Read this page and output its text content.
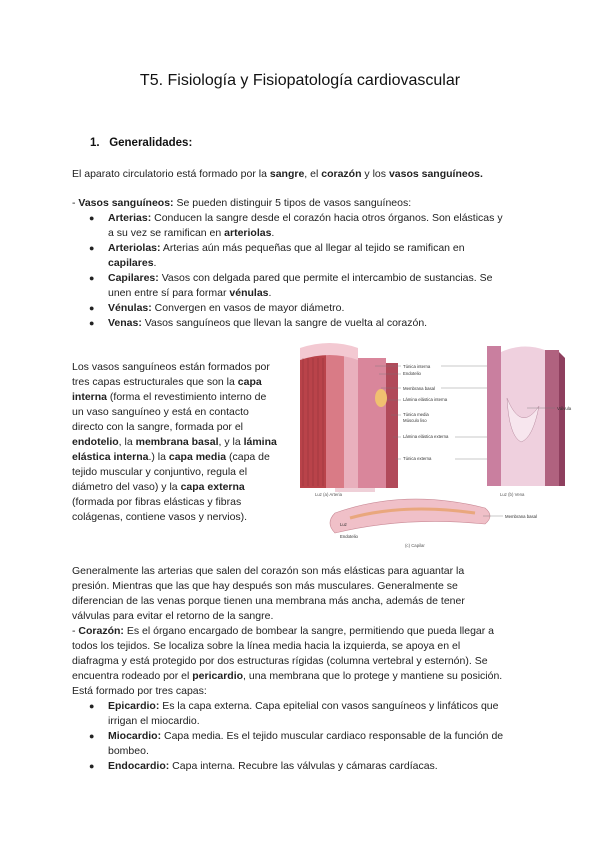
T5. Fisiología y Fisiopatología cardiovascular
1. Generalidades:
El aparato circulatorio está formado por la sangre, el corazón y los vasos sanguíneos.
- Vasos sanguíneos: Se pueden distinguir 5 tipos de vasos sanguíneos:
● Arterias: Conducen la sangre desde el corazón hacia otros órganos. Son elásticas y
a su vez se ramifican en arteriolas.
● Arteriolas: Arterias aún más pequeñas que al llegar al tejido se ramifican en
capilares.
● Capilares: Vasos con delgada pared que permite el intercambio de sustancias. Se
unen entre sí para formar vénulas.
● Vénulas: Convergen en vasos de mayor diámetro.
● Venas: Vasos sanguíneos que llevan la sangre de vuelta al corazón.
Los vasos sanguíneos están formados por
tres capas estructurales que son la capa
interna (forma el revestimiento interno de
un vaso sanguíneo y está en contacto
directo con la sangre, formada por el
endotelio, la membrana basal, y la lámina
elástica interna.) la capa media (capa de
tejido muscular y conjuntivo, regula el
diámetro del vaso) y la capa externa
(formada por fibras elásticas y fibras
colágenas, contiene vasos y nervios).
Túnica interna
Endotelio
Membrana basal
Lámina elástica interna
Túnica media
Músculo liso
Lámina elástica externa
Túnica externa
Válvula
Luz (a) Arteria	Luz (b) Vena
Luz
Membrana basal
Endotelio
(c) Capilar
Generalmente las arterias que salen del corazón son más elásticas para aguantar la
presión. Mientras que las que hay después son más musculares. Generalmente se
diferencian de las venas porque tienen una membrana más ancha, además de tener
válvulas para evitar el retorno de la sangre.
- Corazón: Es el órgano encargado de bombear la sangre, permitiendo que pueda llegar a
todos los tejidos. Se localiza sobre la línea media hacia la izquierda, se apoya en el
diafragma y está protegido por dos estructuras rígidas (columna vertebral y esternón). Se
encuentra rodeado por el pericardio, una membrana que lo protege y mantiene su posición.
Está formado por tres capas:
● Epicardio: Es la capa externa. Capa epitelial con vasos sanguíneos y linfáticos que
irrigan el miocardio.
● Miocardio: Capa media. Es el tejido muscular cardiaco responsable de la función de
bombeo.
● Endocardio: Capa interna. Recubre las válvulas y cámaras cardíacas.
